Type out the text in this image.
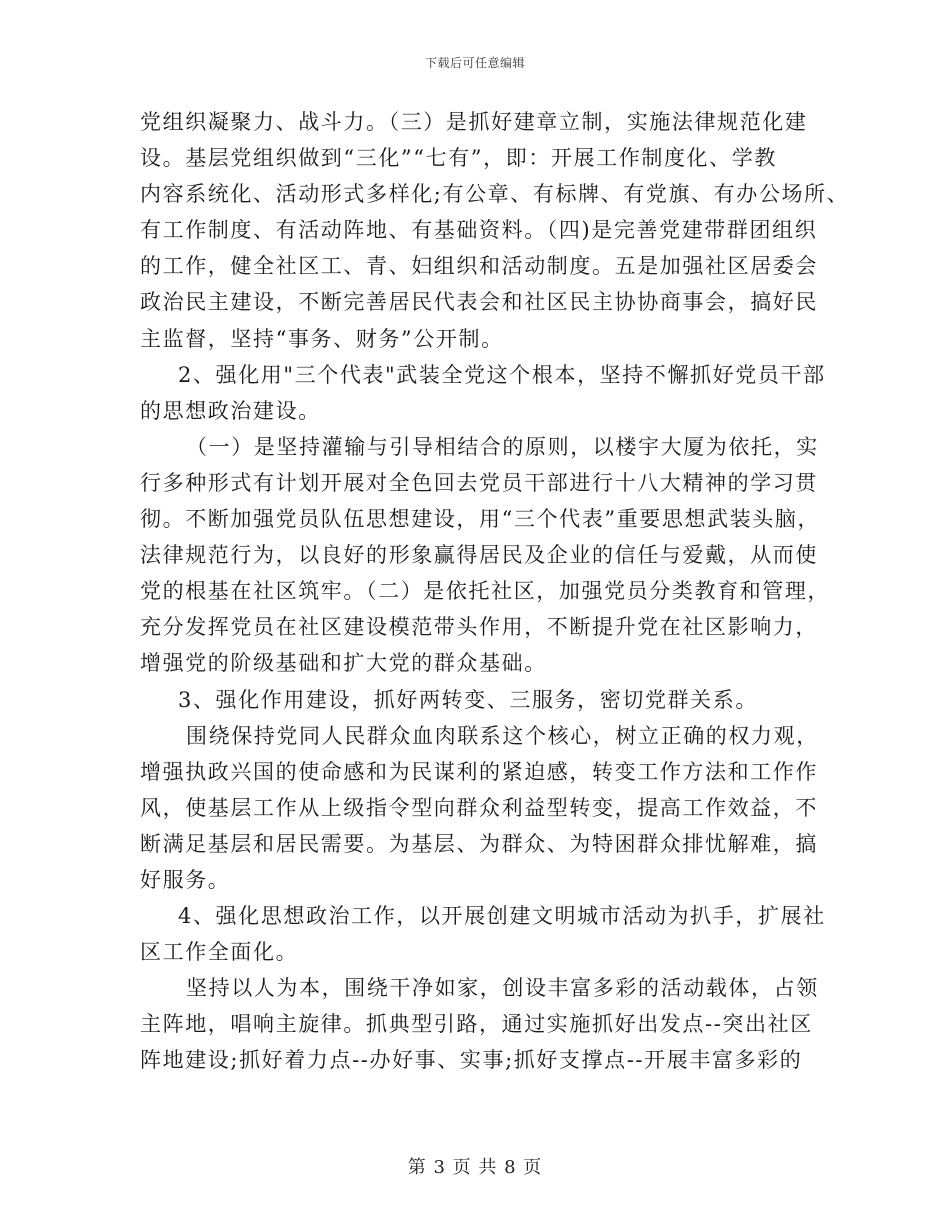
下载后可任意编辑
党组织凝聚力、战斗力。（三）是抓好建章立制，实施法律规范化建
设。基层党组织做到“三化”“七有”，即：开展工作制度化、学教
内容系统化、活动形式多样化;有公章、有标牌、有党旗、有办公场所、
有工作制度、有活动阵地、有基础资料。（四)是完善党建带群团组织
的工作，健全社区工、青、妇组织和活动制度。五是加强社区居委会
政治民主建设，不断完善居民代表会和社区民主协协商事会，搞好民
主监督，坚持“事务、财务”公开制。
2、强化用"三个代表"武装全党这个根本，坚持不懈抓好党员干部
的思想政治建设。
（一）是坚持灌输与引导相结合的原则，以楼宇大厦为依托，实
行多种形式有计划开展对全色回去党员干部进行十八大精神的学习贯
彻。不断加强党员队伍思想建设，用“三个代表”重要思想武装头脑，
法律规范行为，以良好的形象赢得居民及企业的信任与爱戴，从而使
党的根基在社区筑牢。（二）是依托社区，加强党员分类教育和管理，
充分发挥党员在社区建设模范带头作用，不断提升党在社区影响力，
增强党的阶级基础和扩大党的群众基础。
3、强化作用建设，抓好两转变、三服务，密切党群关系。
围绕保持党同人民群众血肉联系这个核心，树立正确的权力观，
增强执政兴国的使命感和为民谋利的紧迫感，转变工作方法和工作作
风，使基层工作从上级指令型向群众利益型转变，提高工作效益，不
断满足基层和居民需要。为基层、为群众、为特困群众排忧解难，搞
好服务。
4、强化思想政治工作，以开展创建文明城市活动为扒手，扩展社
区工作全面化。
坚持以人为本，围绕干净如家，创设丰富多彩的活动载体，占领
主阵地，唱响主旋律。抓典型引路，通过实施抓好出发点--突出社区
阵地建设;抓好着力点--办好事、实事;抓好支撑点--开展丰富多彩的
第 3 页 共 8 页
